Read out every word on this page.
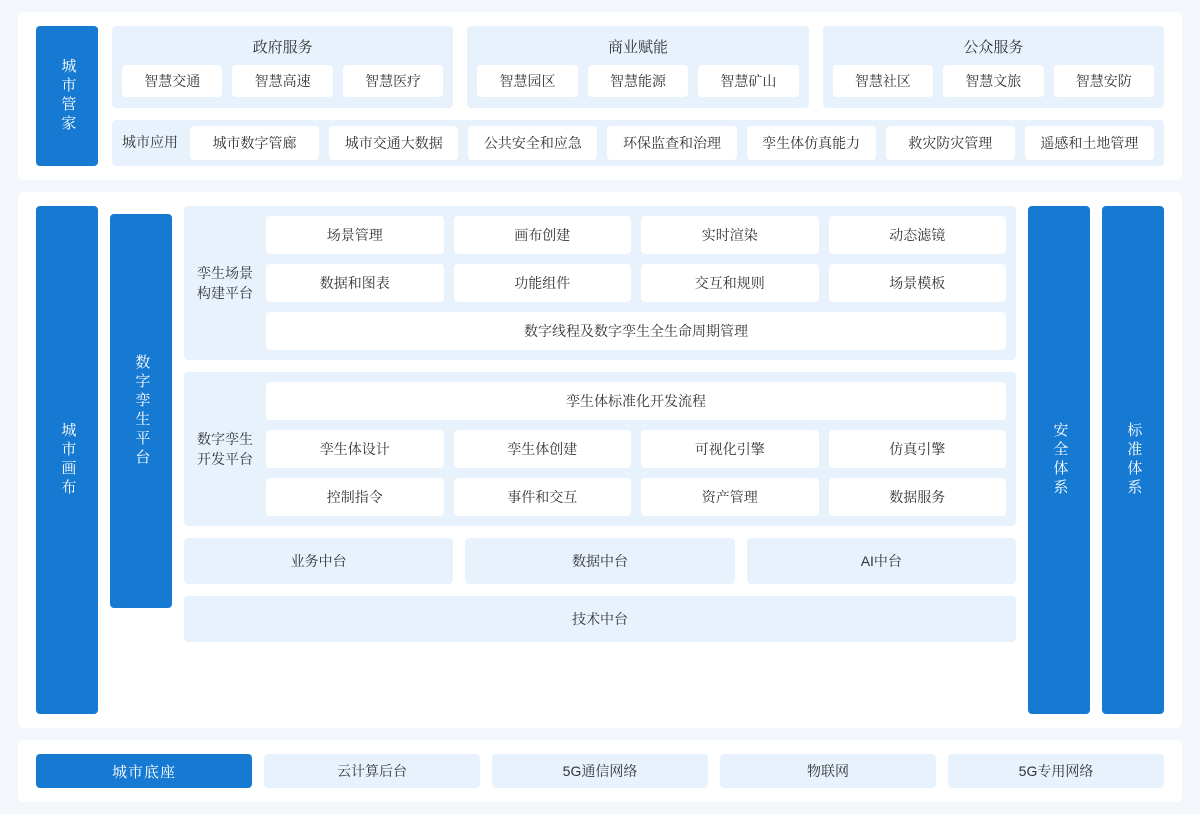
城市管家
政府服务
智慧交通	智慧高速	智慧医疗
商业赋能
智慧园区	智慧能源	智慧矿山
公众服务
智慧社区	智慧文旅	智慧安防
城市应用	城市数字管廊	城市交通大数据	公共安全和应急	环保监查和治理	孪生体仿真能力	救灾防灾管理	遥感和土地管理
城市画布	数字孪生平台
孪生场景构建平台
场景管理	画布创建	实时渲染	动态滤镜
数据和图表	功能组件	交互和规则	场景模板
数字线程及数字孪生全生命周期管理
数字孪生开发平台
孪生体标准化开发流程
孪生体设计	孪生体创建	可视化引擎	仿真引擎
控制指令	事件和交互	资产管理	数据服务
业务中台	数据中台	AI中台
技术中台
安全体系	标准体系
城市底座	云计算后台	5G通信网络	物联网	5G专用网络
